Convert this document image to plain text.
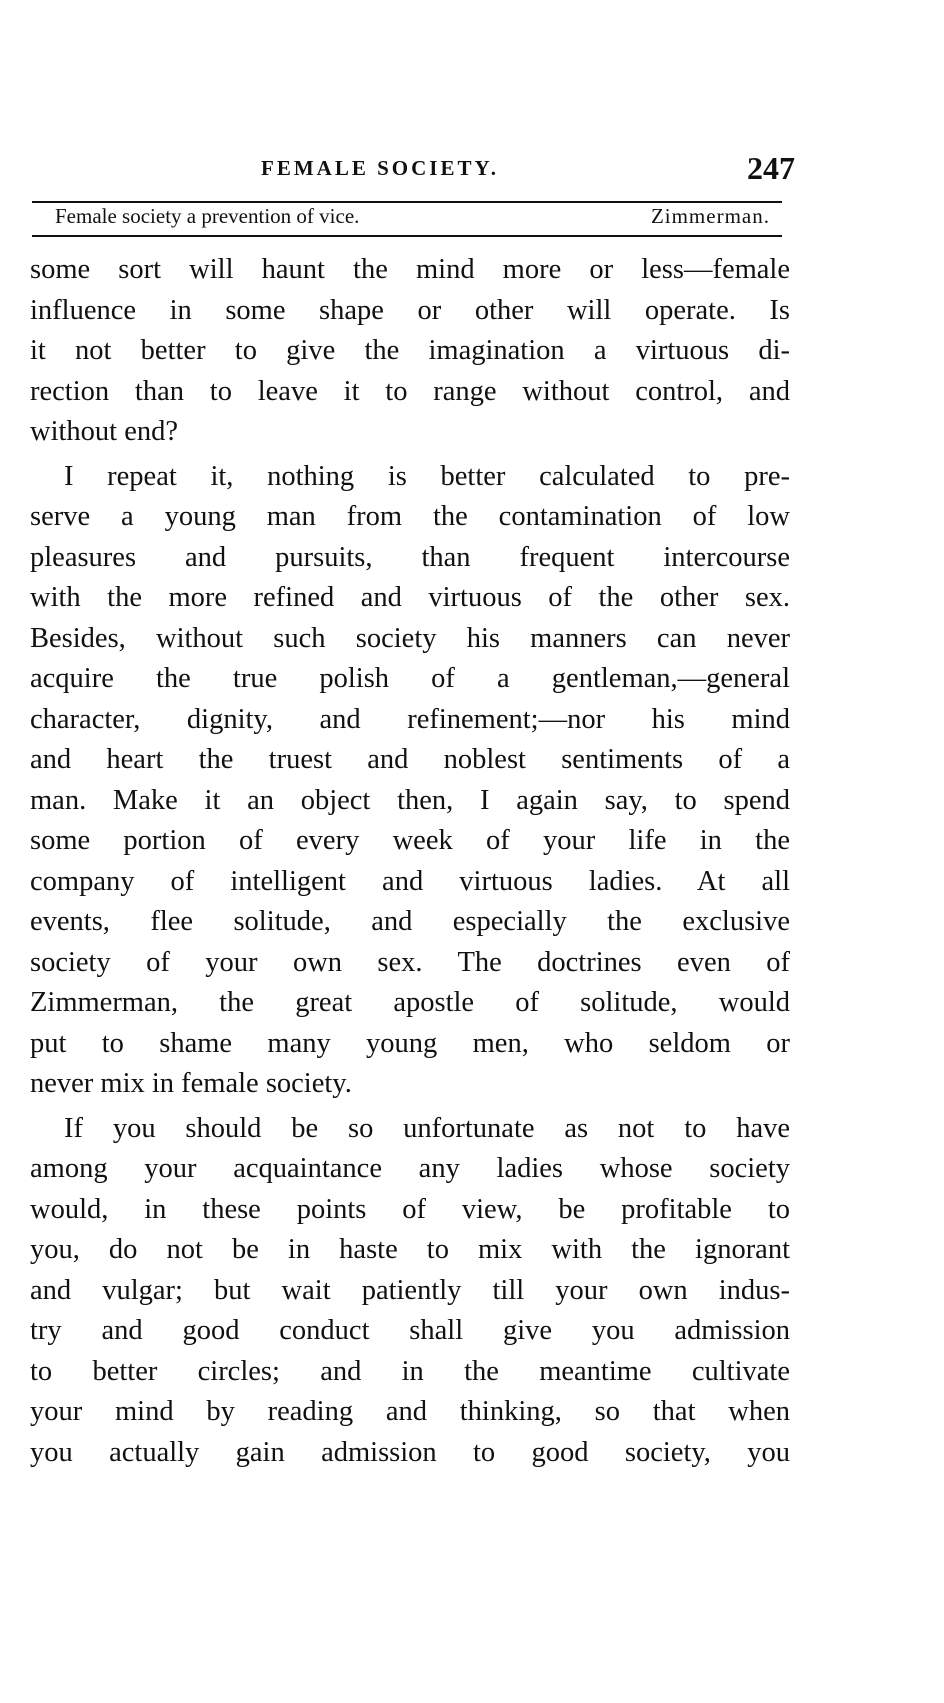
FEMALE SOCIETY.	247
Female society a prevention of vice.	Zimmerman.
some sort will haunt the mind more or less—female
influence in some shape or other will operate. Is
it not better to give the imagination a virtuous di-
rection than to leave it to range without control, and
without end?
I repeat it, nothing is better calculated to pre-
serve a young man from the contamination of low
pleasures and pursuits, than frequent intercourse
with the more refined and virtuous of the other sex.
Besides, without such society his manners can never
acquire the true polish of a gentleman,—general
character, dignity, and refinement;—nor his mind
and heart the truest and noblest sentiments of a
man. Make it an object then, I again say, to spend
some portion of every week of your life in the
company of intelligent and virtuous ladies. At all
events, flee solitude, and especially the exclusive
society of your own sex. The doctrines even of
Zimmerman, the great apostle of solitude, would
put to shame many young men, who seldom or
never mix in female society.
If you should be so unfortunate as not to have
among your acquaintance any ladies whose society
would, in these points of view, be profitable to
you, do not be in haste to mix with the ignorant
and vulgar; but wait patiently till your own indus-
try and good conduct shall give you admission
to better circles; and in the meantime cultivate
your mind by reading and thinking, so that when
you actually gain admission to good society, you
